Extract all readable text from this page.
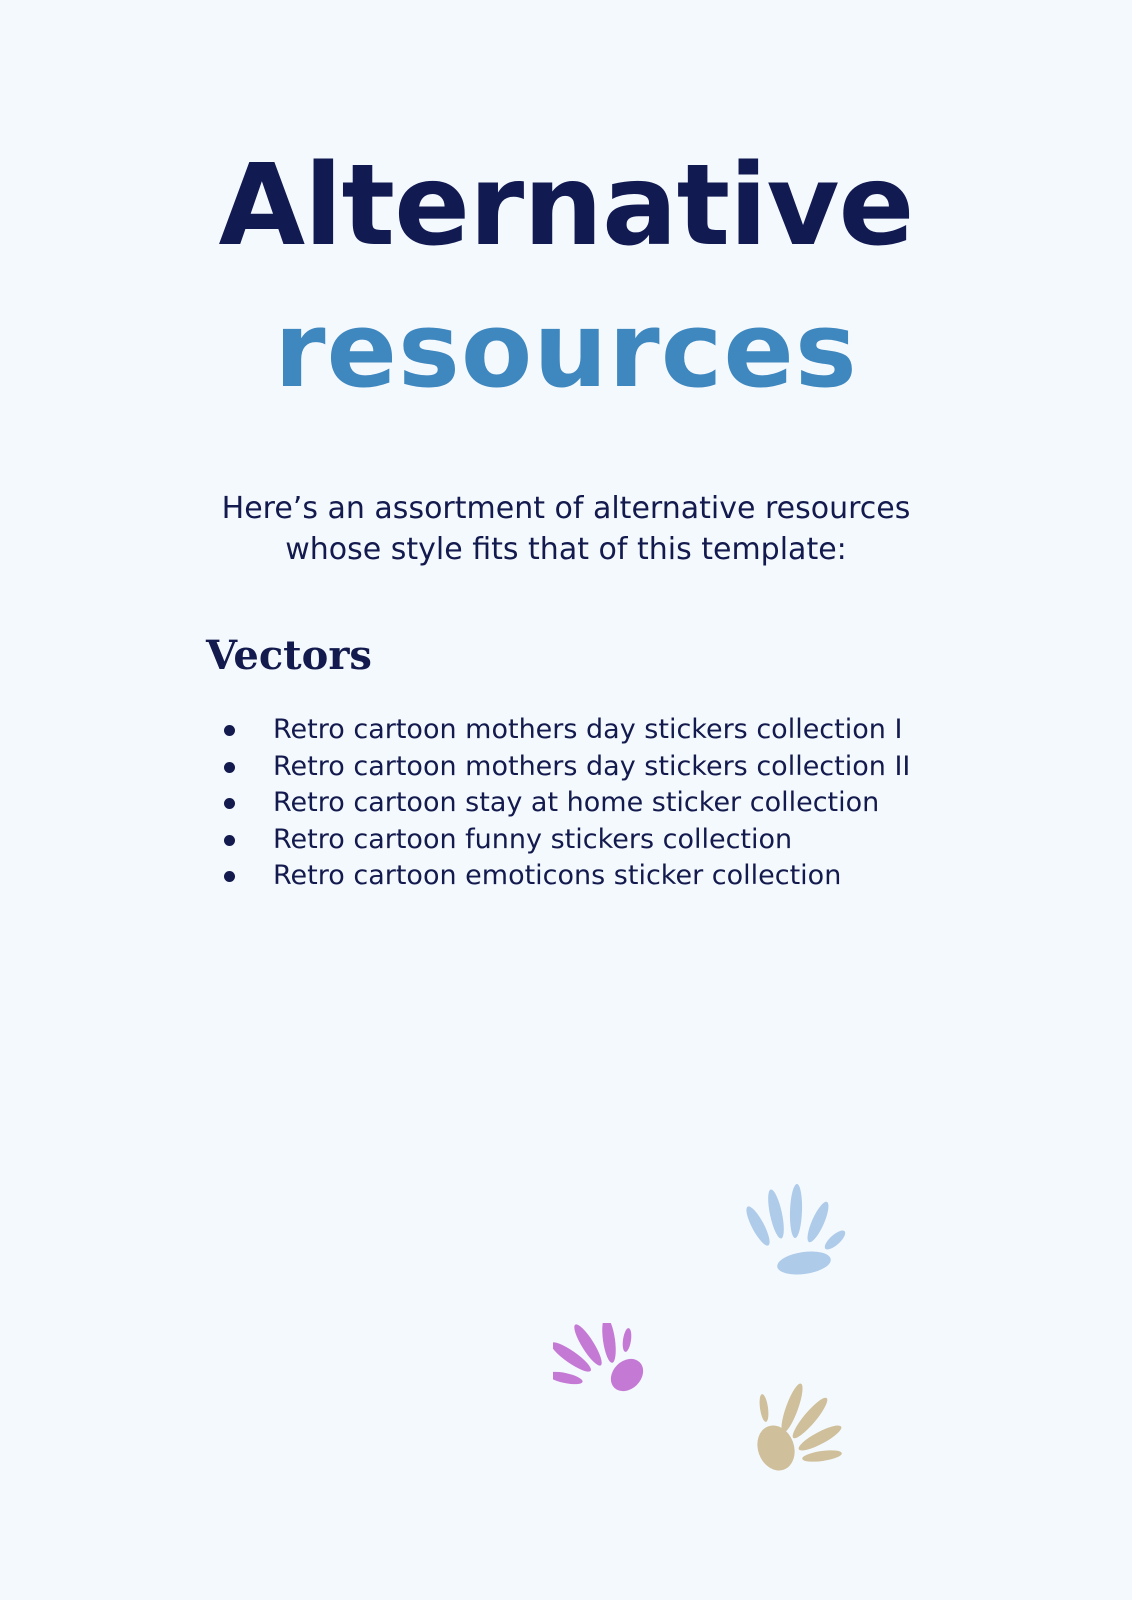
Alternative
resources

Here’s an assortment of alternative resources
whose style fits that of this template:

Vectors
Retro cartoon mothers day stickers collection I
Retro cartoon mothers day stickers collection II
Retro cartoon stay at home sticker collection
Retro cartoon funny stickers collection
Retro cartoon emoticons sticker collection
